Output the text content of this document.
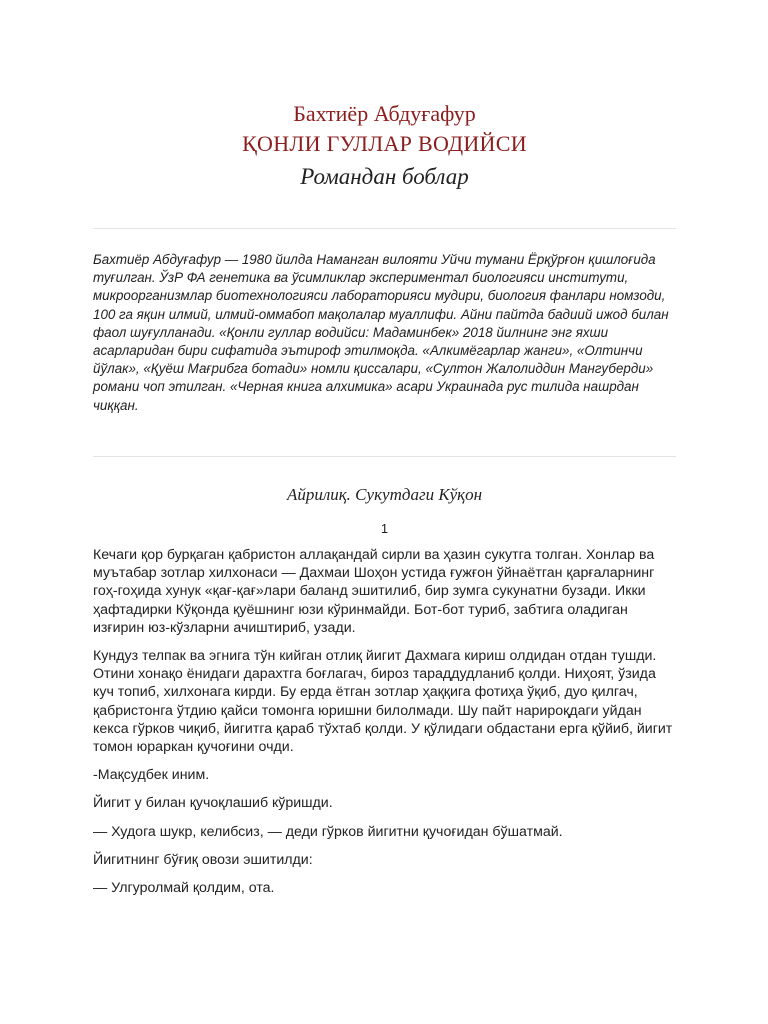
Бахтиёр Абдуғафур
ҚОНЛИ ГУЛЛАР ВОДИЙСИ
Романдан боблар

Бахтиёр Абдуғафур — 1980 йилда Наманган вилояти Уйчи тумани Ёрқўрғон қишлоғида туғилган. ЎзР ФА генетика ва ўсимликлар экспериментал биологияси институти, микроорганизмлар биотехнологияси лабораторияси мудири, биология фанлари номзоди, 100 га яқин илмий, илмий-оммабоп мақолалар муаллифи. Айни пайтда бадиий ижод билан фаол шуғулланади. «Қонли гуллар водийси: Мадаминбек» 2018 йилнинг энг яхши асарларидан бири сифатида эътироф этилмоқда. «Алкимёгарлар жанги», «Олтинчи йўлак», «Қуёш Мағрибга ботади» номли қиссалари, «Султон Жалолиддин Мангуберди» романи чоп этилган. «Черная книга алхимика» асари Украинада рус тилида нашрдан чиққан.

Айрилиқ. Сукутдаги Кўқон
1

Кечаги қор бурқаган қабристон аллақандай сирли ва ҳазин сукутга толган. Хонлар ва муътабар зотлар хилхонаси — Дахмаи Шоҳон устида ғужғон ўйнаётган қарғаларнинг гоҳ-гоҳида хунук «қағ-қағ»лари баланд эшитилиб, бир зумга сукунатни бузади. Икки ҳафтадирки Кўқонда қуёшнинг юзи кўринмайди. Бот-бот туриб, забтига оладиган изғирин юз-кўзларни ачиштириб, узади.

Кундуз телпак ва эгнига тўн кийган отлиқ йигит Дахмага кириш олдидан отдан тушди. Отини хонақо ёнидаги дарахтга боғлагач, бироз тараддудланиб қолди. Ниҳоят, ўзида куч топиб, хилхонага кирди. Бу ерда ётган зотлар ҳаққига фотиҳа ўқиб, дуо қилгач, қабристонга ўтдию қайси томонга юришни билолмади. Шу пайт нарироқдаги уйдан кекса гўрков чиқиб, йигитга қараб тўхтаб қолди. У қўлидаги обдастани ерга қўйиб, йигит томон юраркан қучоғини очди.

-Мақсудбек иним.

Йигит у билан қучоқлашиб кўришди.

— Худога шукр, келибсиз, — деди гўрков йигитни қучоғидан бўшатмай.

Йигитнинг бўғиқ овози эшитилди:

— Улгуролмай қолдим, ота.
